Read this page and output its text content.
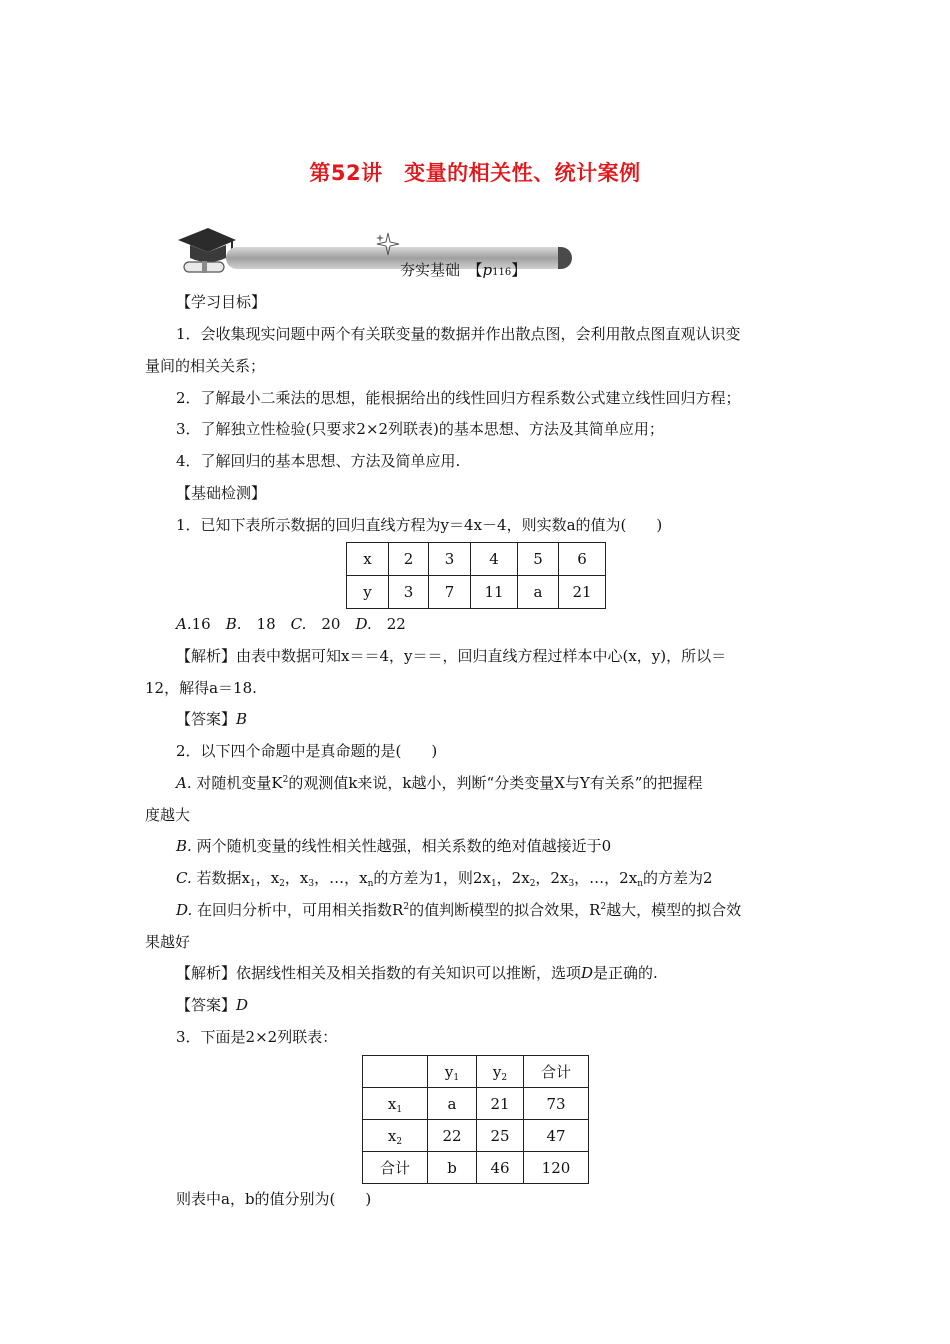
第52讲　变量的相关性、统计案例
夯实基础　 【p116】
【学习目标】
1．会收集现实问题中两个有关联变量的数据并作出散点图，会利用散点图直观认识变
量间的相关关系；
2．了解最小二乘法的思想，能根据给出的线性回归方程系数公式建立线性回归方程；
3．了解独立性检验(只要求2×2列联表)的基本思想、方法及其简单应用；
4．了解回归的基本思想、方法及简单应用.
【基础检测】
1．已知下表所示数据的回归直线方程为y＝4x－4，则实数a的值为(　　)
x	2	3	4	5	6
y	3	7	11	a	21
A.16　 B.　 18　 C.　 20　 D.　 22
【解析】由表中数据可知x＝＝4，y＝＝，回归直线方程过样本中心(x，y)，所以＝
12，解得a＝18.
【答案】B
2．以下四个命题中是真命题的是(　　)
A. 对随机变量$K^2$的观测值k来说，k越小，判断“分类变量X与Y有关系”的把握程
度越大
B. 两个随机变量的线性相关性越强，相关系数的绝对值越接近于0
C. 若数据$x_1$，$x_2$，$x_3$，…，$x_n$的方差为1，则$2x_1$，$2x_2$，$2x_3$，…，$2x_n$的方差为2
D. 在回归分析中，可用相关指数$R^2$的值判断模型的拟合效果，$R^2$越大，模型的拟合效
果越好
【解析】依据线性相关及相关指数的有关知识可以推断，选项D是正确的.
【答案】D
3．下面是2×2列联表：
	$y_1$	$y_2$	合计
$x_1$	a	21	73
$x_2$	22	25	47
合计	b	46	120
则表中a，b的值分别为(　　)
